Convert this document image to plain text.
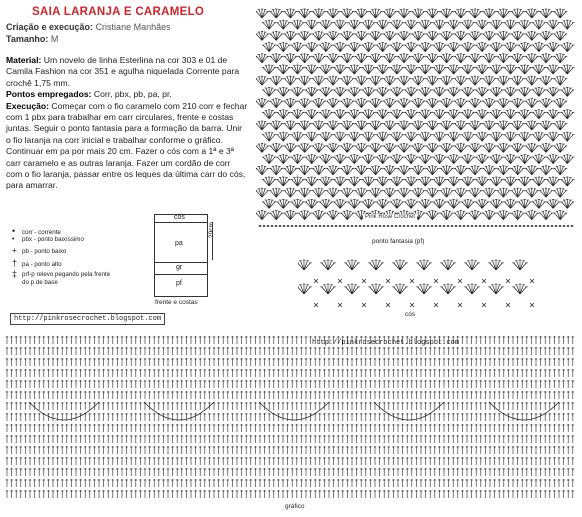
SAIA LARANJA E CARAMELO
Criação e execução: Cristiane Manhães
Tamanho: M

Material: Um novelo de linha Esterlina na cor 303 e 01 de Camila Fashion na cor 351 e agulha niquelada Corrente para crochê 1,75 mm.

Pontos empregados: Corr, pbx, pb, pa, pr.

Execução: Começar com o fio caramelo com 210 corr e fechar com 1 pbx para trabalhar em carr circulares, frente e costas juntas. Seguir o ponto fantasia para a formação da barra. Unir o fio laranja na corr inicial e trabalhar conforme o gráfico. Continuar em pa por mais 20 cm. Fazer o cós com a 1ª e 3ª carr caramelo e as outras laranja. Fazer um cordão de corr com o fio laranja, passar entre os leques da última carr do cós, para amarrar.

• corr - corrente
• pbx - ponto baixíssimo
+ pb - ponto baixo
† pa - ponto alto
‡ prf-p relevo pegando pela frente do p de base
cós
pa
gr
pf
20cm
frente e costas
http://pinkrosecrochet.blogspot.com
http://pinkrosecrochet.blogspot.com
ponto fantasia (pf)
Pink Rose Crochet
cós
gráfico
